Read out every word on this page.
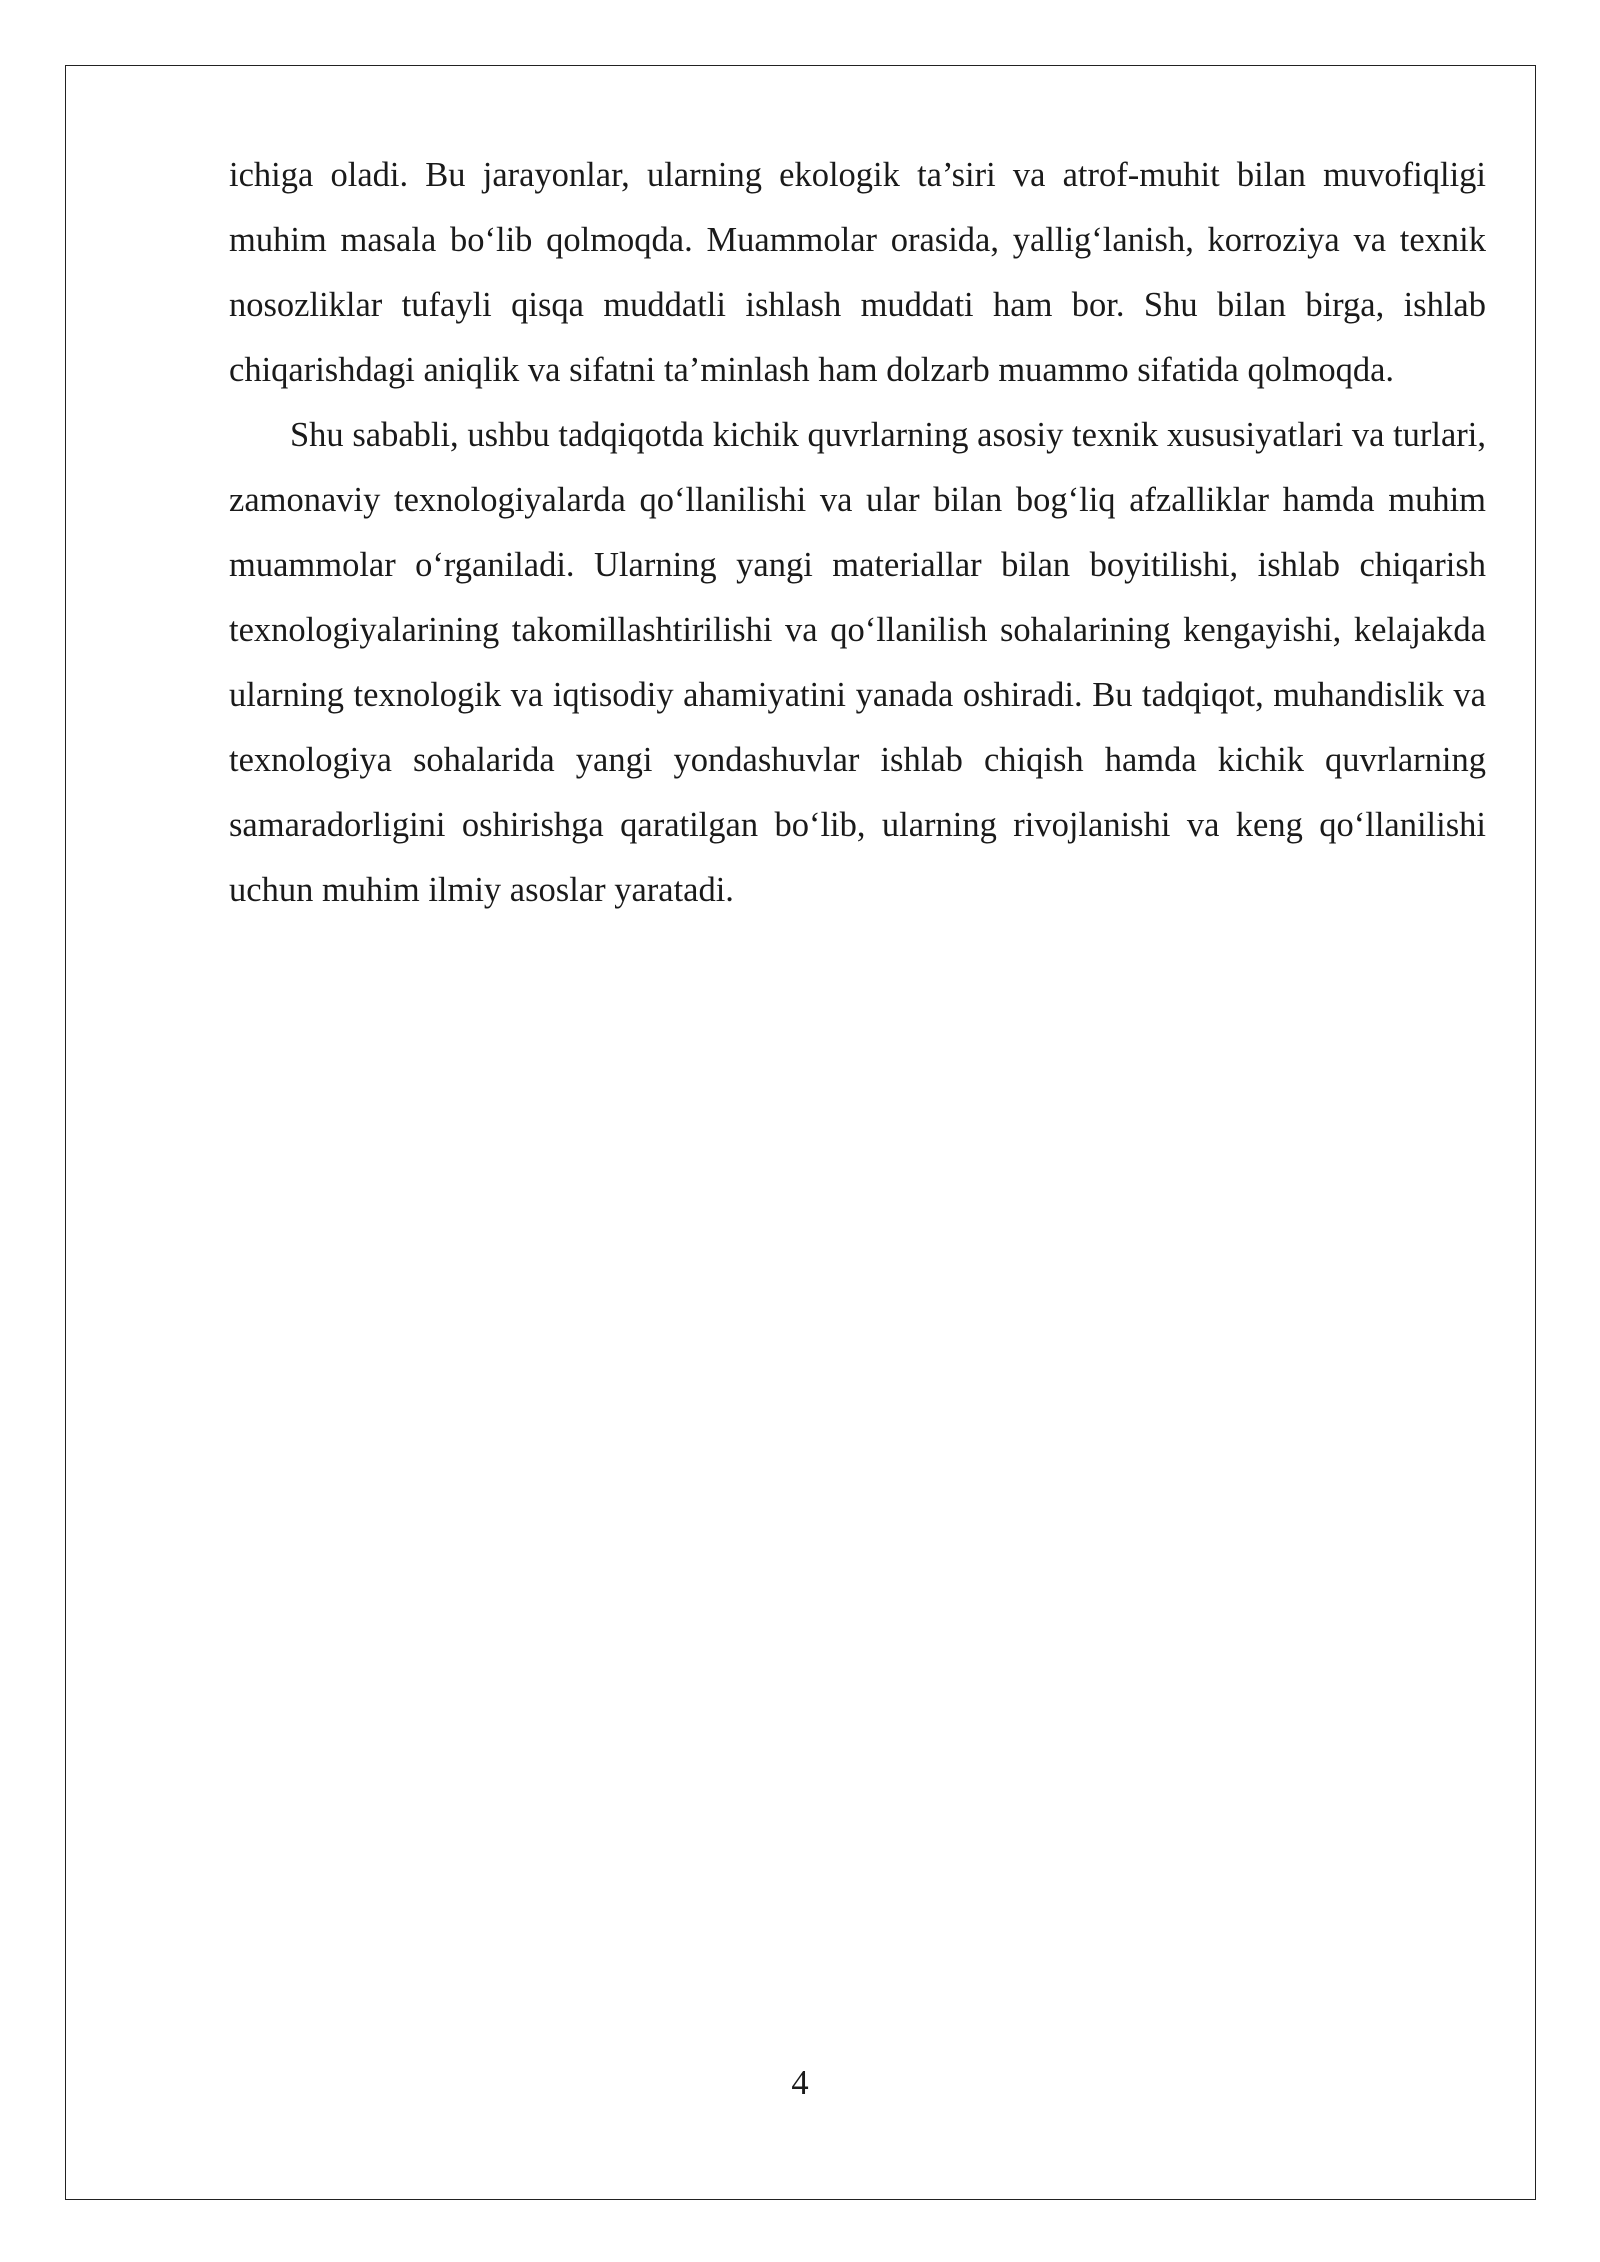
ichiga oladi. Bu jarayonlar, ularning ekologik ta’siri va atrof-muhit bilan muvofiqligi muhim masala bo‘lib qolmoqda. Muammolar orasida, yallig‘lanish, korroziya va texnik nosozliklar tufayli qisqa muddatli ishlash muddati ham bor. Shu bilan birga, ishlab chiqarishdagi aniqlik va sifatni ta’minlash ham dolzarb muammo sifatida qolmoqda.

Shu sababli, ushbu tadqiqotda kichik quvrlarning asosiy texnik xususiyatlari va turlari, zamonaviy texnologiyalarda qo‘llanilishi va ular bilan bog‘liq afzalliklar hamda muhim muammolar o‘rganiladi. Ularning yangi materiallar bilan boyitilishi, ishlab chiqarish texnologiyalarining takomillashtirilishi va qo‘llanilish sohalarining kengayishi, kelajakda ularning texnologik va iqtisodiy ahamiyatini yanada oshiradi. Bu tadqiqot, muhandislik va texnologiya sohalarida yangi yondashuvlar ishlab chiqish hamda kichik quvrlarning samaradorligini oshirishga qaratilgan bo‘lib, ularning rivojlanishi va keng qo‘llanilishi uchun muhim ilmiy asoslar yaratadi.

4
